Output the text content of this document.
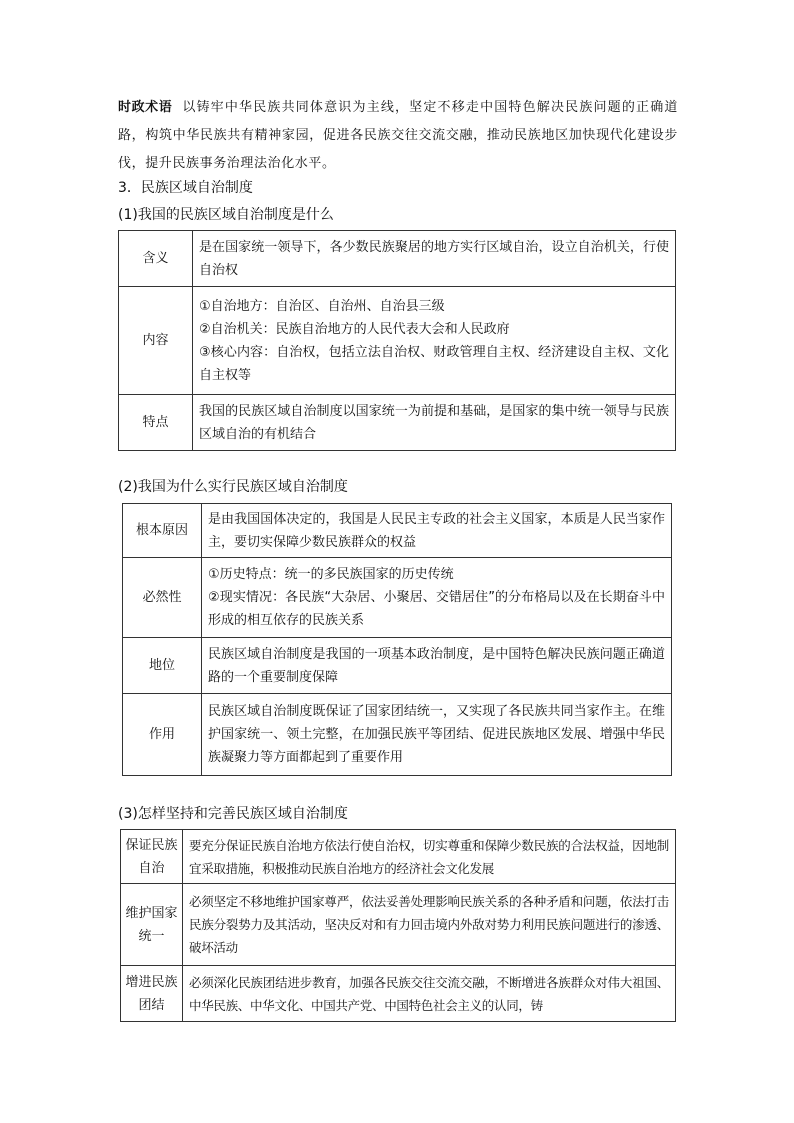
时政术语 以铸牢中华民族共同体意识为主线，坚定不移走中国特色解决民族问题的正确道路，构筑中华民族共有精神家园，促进各民族交往交流交融，推动民族地区加快现代化建设步伐，提升民族事务治理法治化水平。

3．民族区域自治制度
(1)我国的民族区域自治制度是什么
含义	是在国家统一领导下，各少数民族聚居的地方实行区域自治，设立自治机关，行使自治权

内容	①自治地方：自治区、自治州、自治县三级
②自治机关：民族自治地方的人民代表大会和人民政府
③核心内容：自治权，包括立法自治权、财政管理自主权、经济建设自主权、文化自主权等

特点	我国的民族区域自治制度以国家统一为前提和基础，是国家的集中统一领导与民族区域自治的有机结合
(2)我国为什么实行民族区域自治制度
根本原因	是由我国国体决定的，我国是人民民主专政的社会主义国家，本质是人民当家作主，要切实保障少数民族群众的权益

必然性	①历史特点：统一的多民族国家的历史传统
②现实情况：各民族“大杂居、小聚居、交错居住”的分布格局以及在长期奋斗中形成的相互依存的民族关系

地位	民族区域自治制度是我国的一项基本政治制度，是中国特色解决民族问题正确道路的一个重要制度保障

作用	民族区域自治制度既保证了国家团结统一，又实现了各民族共同当家作主。在维护国家统一、领土完整，在加强民族平等团结、促进民族地区发展、增强中华民族凝聚力等方面都起到了重要作用
(3)怎样坚持和完善民族区域自治制度
保证民族自治	要充分保证民族自治地方依法行使自治权，切实尊重和保障少数民族的合法权益，因地制宜采取措施，积极推动民族自治地方的经济社会文化发展

维护国家统一	必须坚定不移地维护国家尊严，依法妥善处理影响民族关系的各种矛盾和问题，依法打击民族分裂势力及其活动，坚决反对和有力回击境内外敌对势力利用民族问题进行的渗透、破坏活动

增进民族团结	必须深化民族团结进步教育，加强各民族交往交流交融，不断增进各族群众对伟大祖国、中华民族、中华文化、中国共产党、中国特色社会主义的认同，铸
